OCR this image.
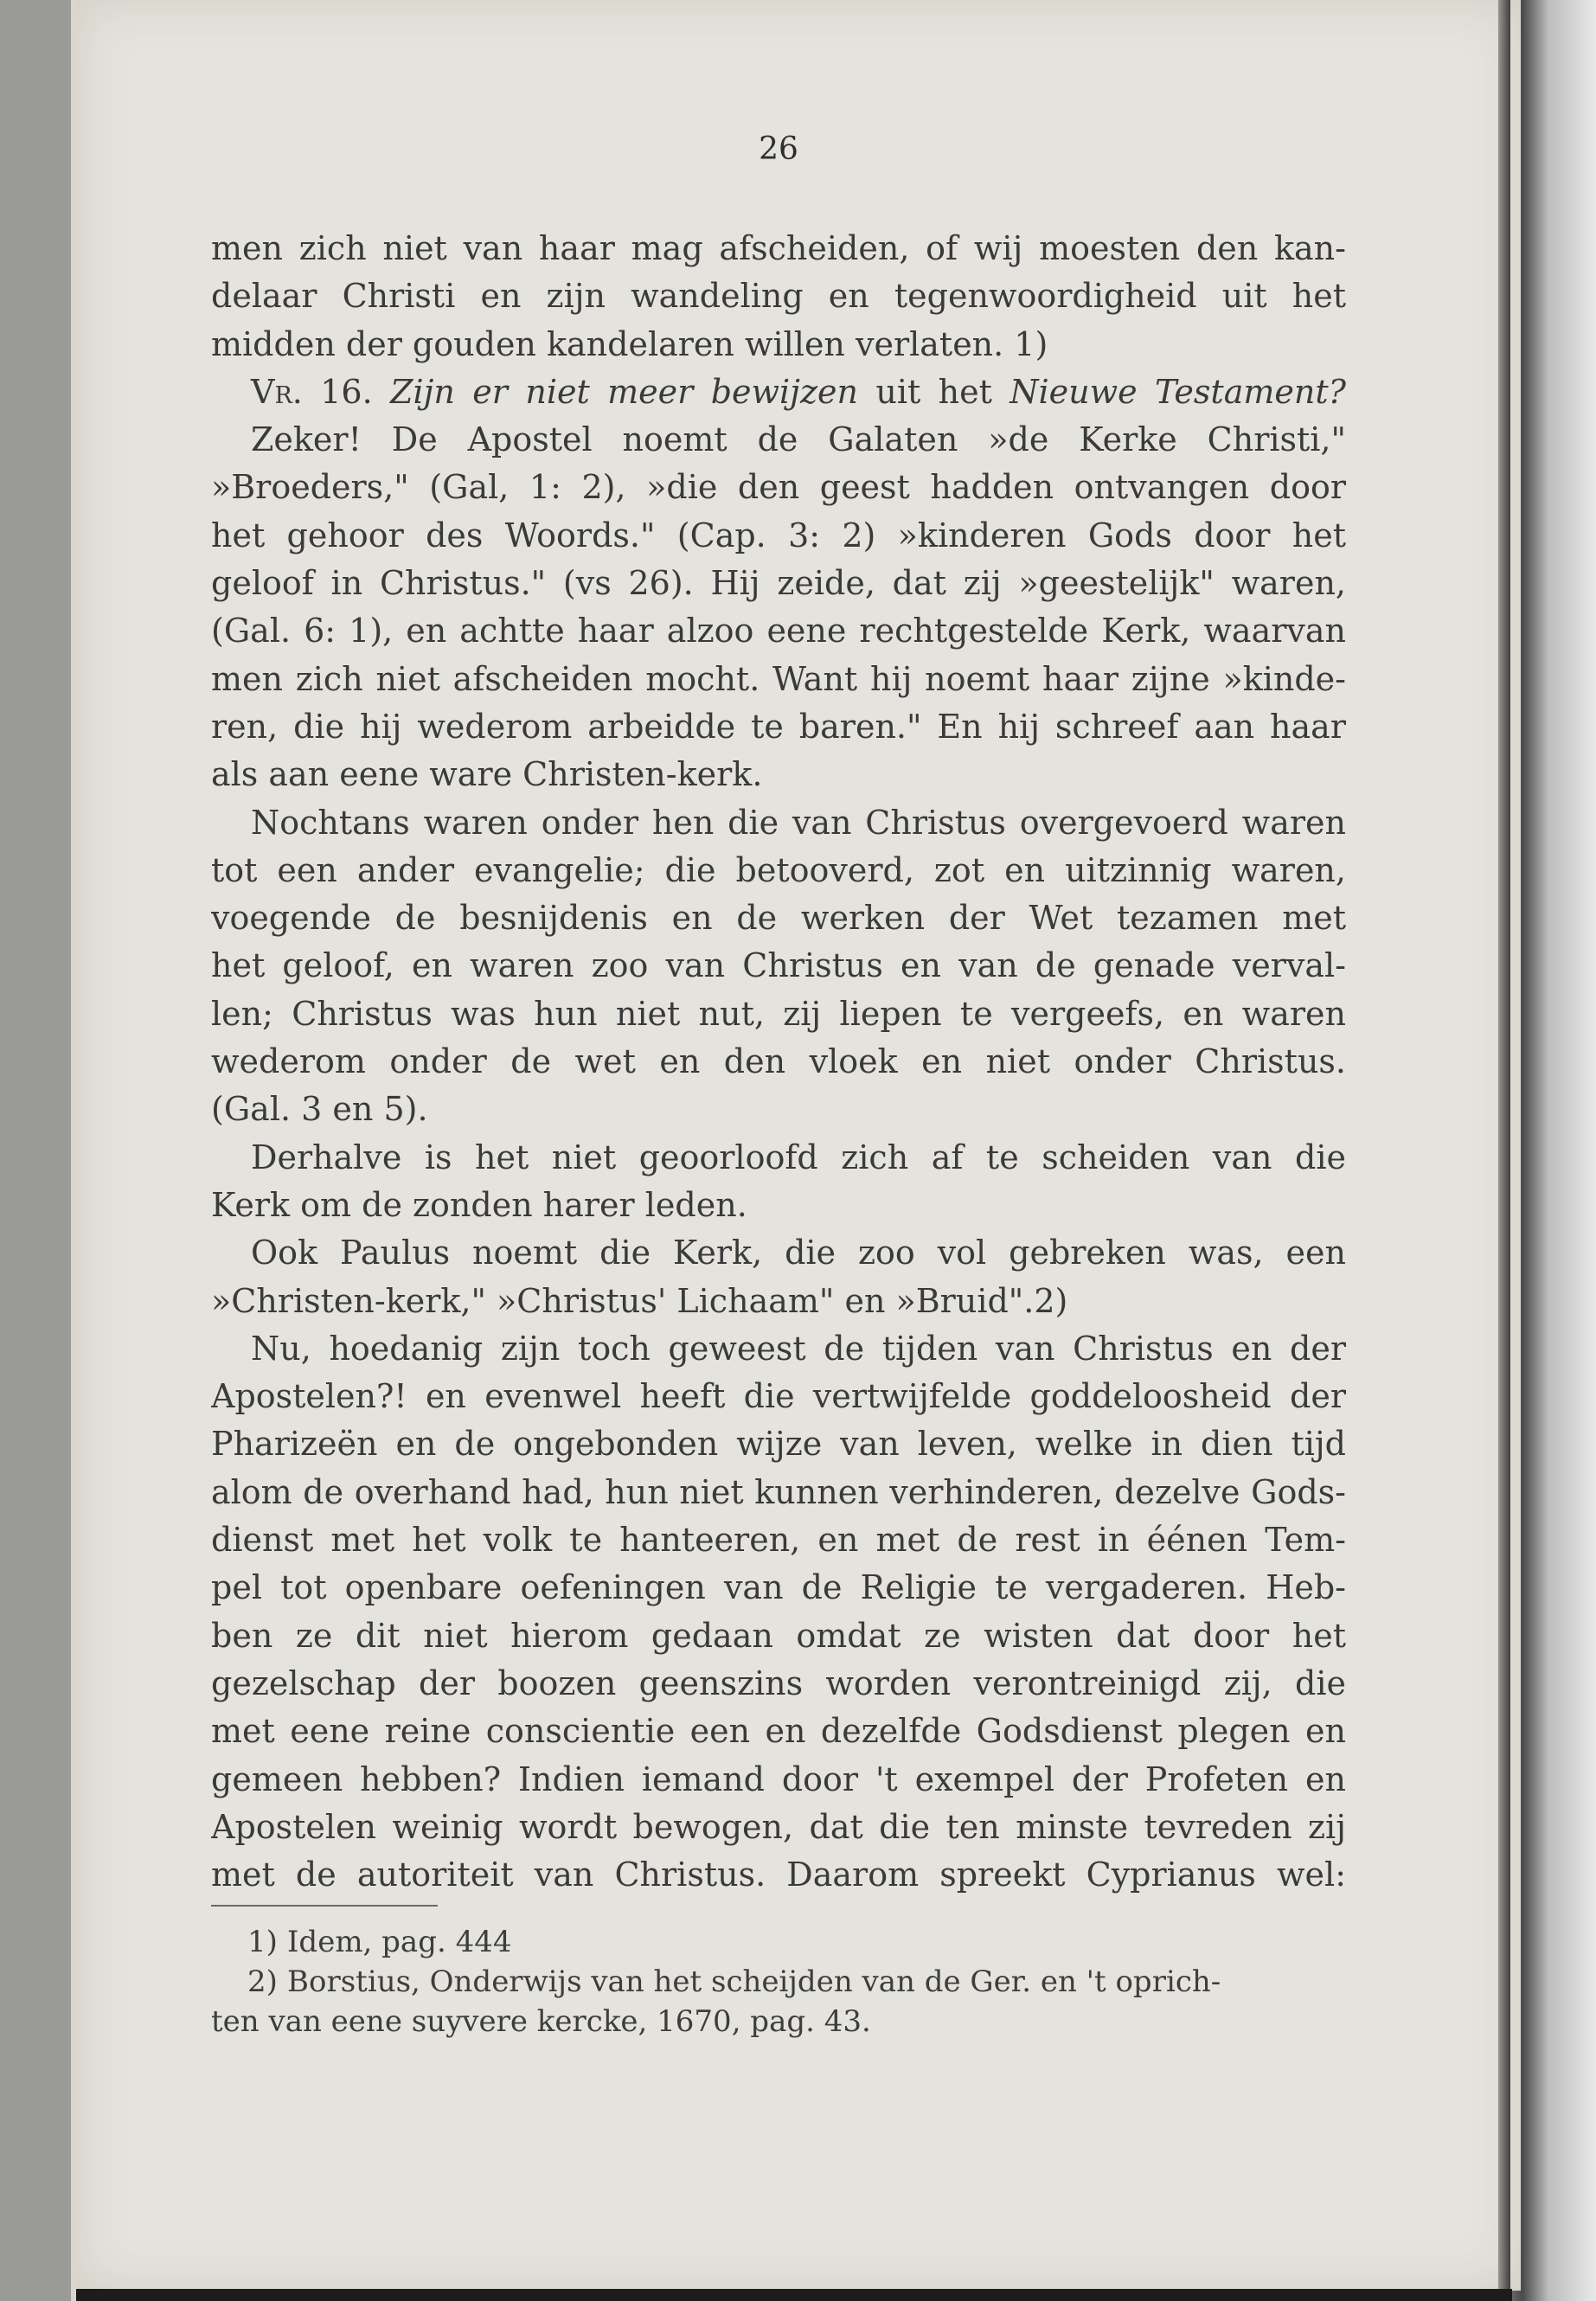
26
men zich niet van haar mag afscheiden, of wij moesten den kan-
delaar Christi en zijn wandeling en tegenwoordigheid uit het
midden der gouden kandelaren willen verlaten. 1)
Vr. 16. Zijn er niet meer bewijzen uit het Nieuwe Testament?
Zeker! De Apostel noemt de Galaten »de Kerke Christi,"
»Broeders," (Gal, 1: 2), »die den geest hadden ontvangen door
het gehoor des Woords." (Cap. 3: 2) »kinderen Gods door het
geloof in Christus." (vs 26). Hij zeide, dat zij »geestelijk" waren,
(Gal. 6: 1), en achtte haar alzoo eene rechtgestelde Kerk, waarvan
men zich niet afscheiden mocht. Want hij noemt haar zijne »kinde-
ren, die hij wederom arbeidde te baren." En hij schreef aan haar
als aan eene ware Christen-kerk.
Nochtans waren onder hen die van Christus overgevoerd waren
tot een ander evangelie; die betooverd, zot en uitzinnig waren,
voegende de besnijdenis en de werken der Wet tezamen met
het geloof, en waren zoo van Christus en van de genade verval-
len; Christus was hun niet nut, zij liepen te vergeefs, en waren
wederom onder de wet en den vloek en niet onder Christus.
(Gal. 3 en 5).
Derhalve is het niet geoorloofd zich af te scheiden van die
Kerk om de zonden harer leden.
Ook Paulus noemt die Kerk, die zoo vol gebreken was, een
»Christen-kerk," »Christus' Lichaam" en »Bruid".2)
Nu, hoedanig zijn toch geweest de tijden van Christus en der
Apostelen?! en evenwel heeft die vertwijfelde goddeloosheid der
Pharizeën en de ongebonden wijze van leven, welke in dien tijd
alom de overhand had, hun niet kunnen verhinderen, dezelve Gods-
dienst met het volk te hanteeren, en met de rest in éénen Tem-
pel tot openbare oefeningen van de Religie te vergaderen. Heb-
ben ze dit niet hierom gedaan omdat ze wisten dat door het
gezelschap der boozen geenszins worden verontreinigd zij, die
met eene reine conscientie een en dezelfde Godsdienst plegen en
gemeen hebben? Indien iemand door 't exempel der Profeten en
Apostelen weinig wordt bewogen, dat die ten minste tevreden zij
met de autoriteit van Christus. Daarom spreekt Cyprianus wel:
1) Idem, pag. 444
2) Borstius, Onderwijs van het scheijden van de Ger. en 't oprich-
ten van eene suyvere kercke, 1670, pag. 43.
